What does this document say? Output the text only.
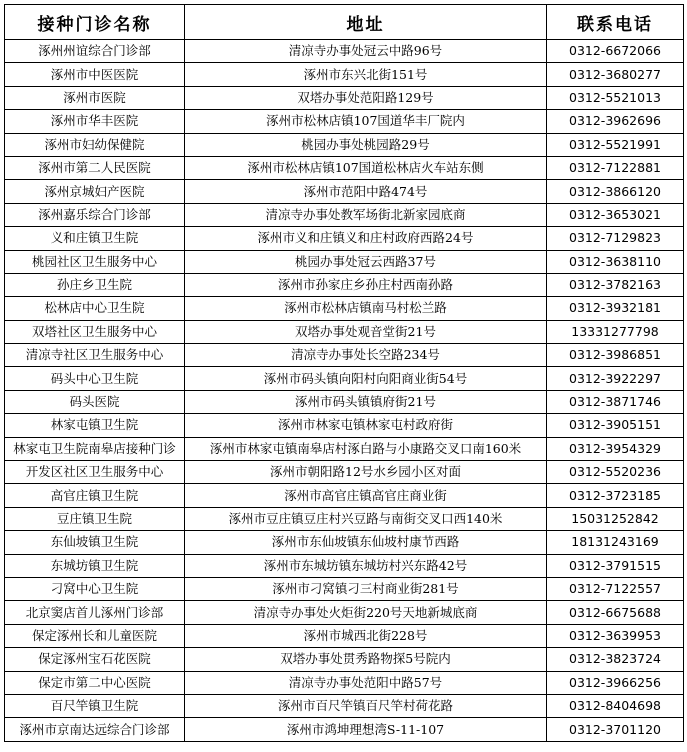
接种门诊名称	地址	联系电话
涿州州谊综合门诊部	清凉寺办事处冠云中路96号	0312-6672066
涿州市中医医院	涿州市东兴北街151号	0312-3680277
涿州市医院	双塔办事处范阳路129号	0312-5521013
涿州市华丰医院	涿州市松林店镇107国道华丰厂院内	0312-3962696
涿州市妇幼保健院	桃园办事处桃园路29号	0312-5521991
涿州市第二人民医院	涿州市松林店镇107国道松林店火车站东侧	0312-7122881
涿州京城妇产医院	涿州市范阳中路474号	0312-3866120
涿州嘉乐综合门诊部	清凉寺办事处教军场街北新家园底商	0312-3653021
义和庄镇卫生院	涿州市义和庄镇义和庄村政府西路24号	0312-7129823
桃园社区卫生服务中心	桃园办事处冠云西路37号	0312-3638110
孙庄乡卫生院	涿州市孙家庄乡孙庄村西南孙路	0312-3782163
松林店中心卫生院	涿州市松林店镇南马村松兰路	0312-3932181
双塔社区卫生服务中心	双塔办事处观音堂街21号	13331277798
清凉寺社区卫生服务中心	清凉寺办事处长空路234号	0312-3986851
码头中心卫生院	涿州市码头镇向阳村向阳商业街54号	0312-3922297
码头医院	涿州市码头镇镇府街21号	0312-3871746
林家屯镇卫生院	涿州市林家屯镇林家屯村政府街	0312-3905151
林家屯卫生院南皋店接种门诊	涿州市林家屯镇南皋店村涿白路与小康路交叉口南160米	0312-3954329
开发区社区卫生服务中心	涿州市朝阳路12号水乡园小区对面	0312-5520236
高官庄镇卫生院	涿州市高官庄镇高官庄商业街	0312-3723185
豆庄镇卫生院	涿州市豆庄镇豆庄村兴豆路与南街交叉口西140米	15031252842
东仙坡镇卫生院	涿州市东仙坡镇东仙坡村康节西路	18131243169
东城坊镇卫生院	涿州市东城坊镇东城坊村兴东路42号	0312-3791515
刁窝中心卫生院	涿州市刁窝镇刁三村商业街281号	0312-7122557
北京窦店首儿涿州门诊部	清凉寺办事处火炬街220号天地新城底商	0312-6675688
保定涿州长和儿童医院	涿州市城西北街228号	0312-3639953
保定涿州宝石花医院	双塔办事处贯秀路物探5号院内	0312-3823724
保定市第二中心医院	清凉寺办事处范阳中路57号	0312-3966256
百尺竿镇卫生院	涿州市百尺竿镇百尺竿村荷花路	0312-8404698
涿州市京南达远综合门诊部	涿州市鸿坤理想湾S-11-107	0312-3701120
